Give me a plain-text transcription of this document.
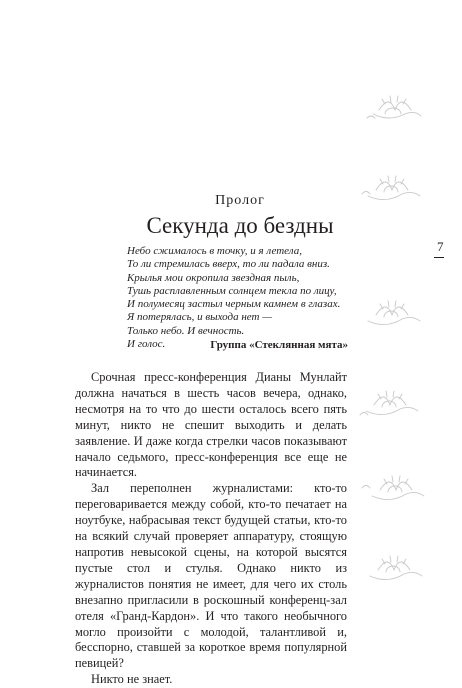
Пролог
Секунда до бездны
7
Небо сжималось в точку, и я летела,
То ли стремилась вверх, то ли падала вниз.
Крылья мои окропила звездная пыль,
Тушь расплавленным солнцем текла по лицу,
И полумесяц застыл черным камнем в глазах.
Я потерялась, и выхода нет —
Только небо. И вечность.
И голос.	Группа «Стеклянная мята»

Срочная пресс-конференция Дианы Мунлайт должна начаться в шесть часов вечера, однако, несмотря на то что до шести осталось всего пять минут, никто не спешит выходить и делать заявление. И даже когда стрелки часов показывают начало седьмого, пресс-конференция все еще не начинается.

Зал переполнен журналистами: кто-то переговаривается между собой, кто-то печатает на ноутбуке, набрасывая текст будущей статьи, кто-то на всякий случай проверяет аппаратуру, стоящую напротив невысокой сцены, на которой высятся пустые стол и стулья. Однако никто из журналистов понятия не имеет, для чего их столь внезапно пригласили в роскошный конференц-зал отеля «Гранд-Кардон». И что такого необычного могло произойти с молодой, талантливой и, бесспорно, ставшей за короткое время популярной певицей?

Никто не знает.
